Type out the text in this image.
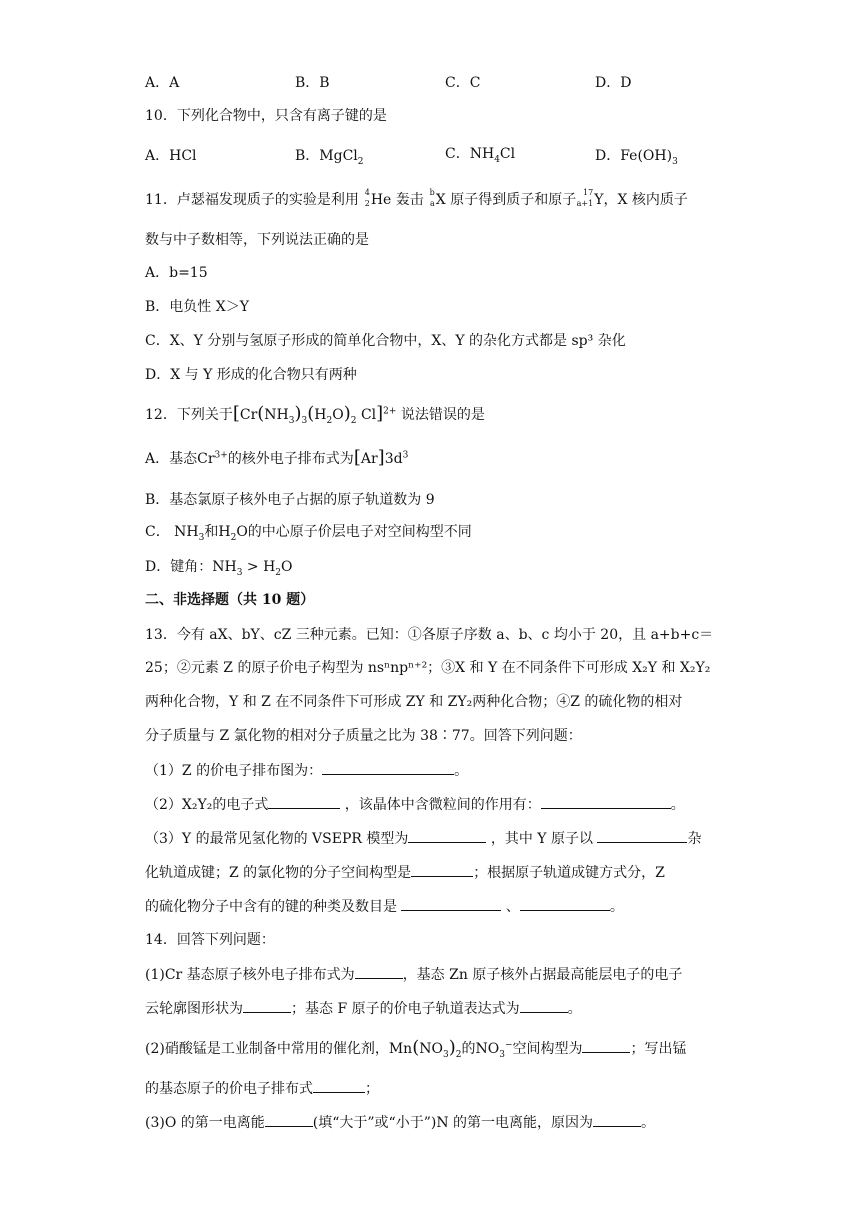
A．A	B．B	C．C	D．D
10．下列化合物中，只含有离子键的是
A．HCl	B．MgCl$_2$	C．$NH_4Cl$	D．$Fe(OH)_3$
11．卢瑟福发现质子的实验是利用 4
2 He 轰击 b
a X 原子得到质子和原子 17
a+1 Y，X 核内质子
数与中子数相等，下列说法正确的是
A．b=15
B．电负性 X＞Y
C．X、Y 分别与氢原子形成的简单化合物中，X、Y 的杂化方式都是 sp³ 杂化
D．X 与 Y 形成的化合物只有两种
12．下列关于[$Cr(NH_3)_3(H_2O)_2$ Cl]$^{2+}$ 说法错误的是
A．基态$Cr^{3+}$的核外电子排布式为$[Ar]3d^3$
B．基态氯原子核外电子占据的原子轨道数为 9
C． $NH_3$和$H_2O$的中心原子价层电子对空间构型不同
D．键角：$NH_3 > H_2O$
二、非选择题（共 10 题）
13．今有 aX、bY、cZ 三种元素。已知：①各原子序数 a、b、c 均小于 20，且 a+b+c＝
25；②元素 Z 的原子价电子构型为 nsⁿnpⁿ⁺²；③X 和 Y 在不同条件下可形成 X₂Y 和 X₂Y₂
两种化合物，Y 和 Z 在不同条件下可形成 ZY 和 ZY₂两种化合物；④Z 的硫化物的相对
分子质量与 Z 氯化物的相对分子质量之比为 38∶77。回答下列问题：
（1）Z 的价电子排布图为：	。
（2）X₂Y₂的电子式	，该晶体中含微粒间的作用有：	。
（3）Y 的最常见氢化物的 VSEPR 模型为	，其中 Y 原子以	杂
化轨道成键；Z 的氯化物的分子空间构型是	；根据原子轨道成键方式分，Z
的硫化物分子中含有的键的种类及数目是	、	。
14．回答下列问题：
(1)Cr 基态原子核外电子排布式为	，基态 Zn 原子核外占据最高能层电子的电子
云轮廓图形状为	；基态 F 原子的价电子轨道表达式为	。
(2)硝酸锰是工业制备中常用的催化剂，$Mn(NO_3)_2$的$NO_3^-$空间构型为	；写出锰
的基态原子的价电子排布式	；
(3)O 的第一电离能	(填“大于”或“小于”)N 的第一电离能，原因为	。
